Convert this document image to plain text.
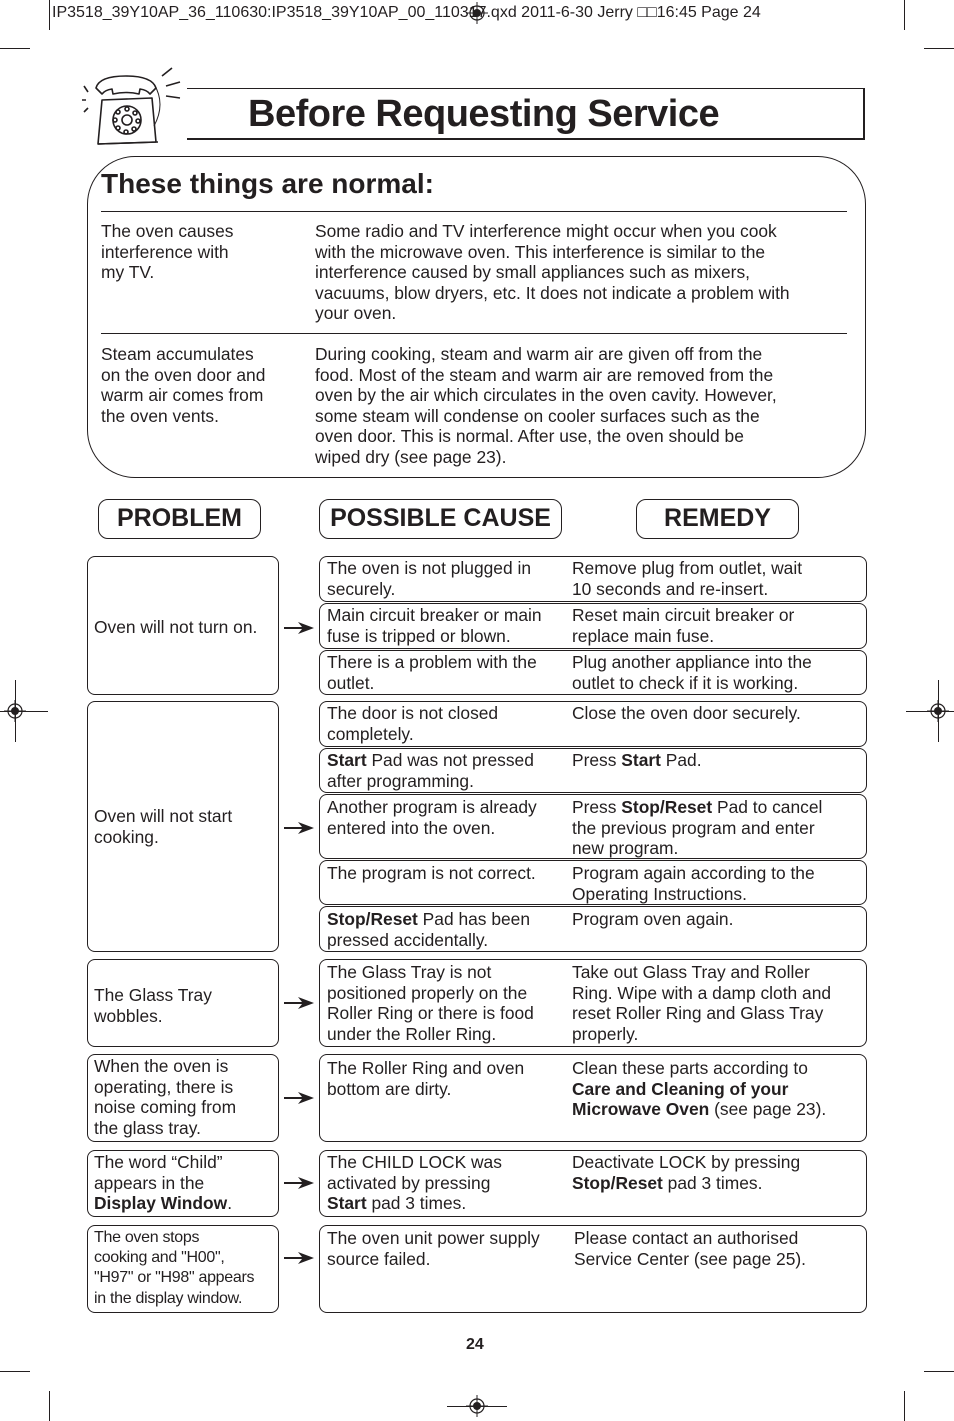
IP3518_39Y10AP_36_110630:IP3518_39Y10AP_00_110317.qxd 2011-6-30 Jerry □□16:45 Page 24
Before Requesting Service
These things are normal:
The oven causes
interference with
my TV.
Some radio and TV interference might occur when you cook
with the microwave oven. This interference is similar to the
interference caused by small appliances such as mixers,
vacuums, blow dryers, etc. It does not indicate a problem with
your oven.
Steam accumulates
on the oven door and
warm air comes from
the oven vents.
During cooking, steam and warm air are given off from the
food. Most of the steam and warm air are removed from the
oven by the air which circulates in the oven cavity. However,
some steam will condense on cooler surfaces such as the
oven door. This is normal. After use, the oven should be
wiped dry (see page 23).
PROBLEM	POSSIBLE CAUSE	REMEDY
Oven will not turn on.
The oven is not plugged in
securely.
Remove plug from outlet, wait
10 seconds and re-insert.
Main circuit breaker or main
fuse is tripped or blown.
Reset main circuit breaker or
replace main fuse.
There is a problem with the
outlet.
Plug another appliance into the
outlet to check if it is working.
Oven will not start
cooking.
The door is not closed
completely.
Close the oven door securely.
Start Pad was not pressed
after programming.
Press Start Pad.
Another program is already
entered into the oven.
Press Stop/Reset Pad to cancel
the previous program and enter
new program.
The program is not correct. Program again according to the
Operating Instructions.
Stop/Reset Pad has been
pressed accidentally.
Program oven again.
The Glass Tray
wobbles.
The Glass Tray is not
positioned properly on the
Roller Ring or there is food
under the Roller Ring.
Take out Glass Tray and Roller
Ring. Wipe with a damp cloth and
reset Roller Ring and Glass Tray
properly.
When the oven is
operating, there is
noise coming from
the glass tray.
The Roller Ring and oven
bottom are dirty.
Clean these parts according to
Care and Cleaning of your
Microwave Oven (see page 23).
The word “Child”
appears in the
Display Window.
The CHILD LOCK was
activated by pressing
Start pad 3 times.
Deactivate LOCK by pressing
Stop/Reset pad 3 times.
The oven stops
cooking and "H00",
"H97" or "H98" appears
in the display window.
The oven unit power supply
source failed.
Please contact an authorised
Service Center (see page 25).
24
